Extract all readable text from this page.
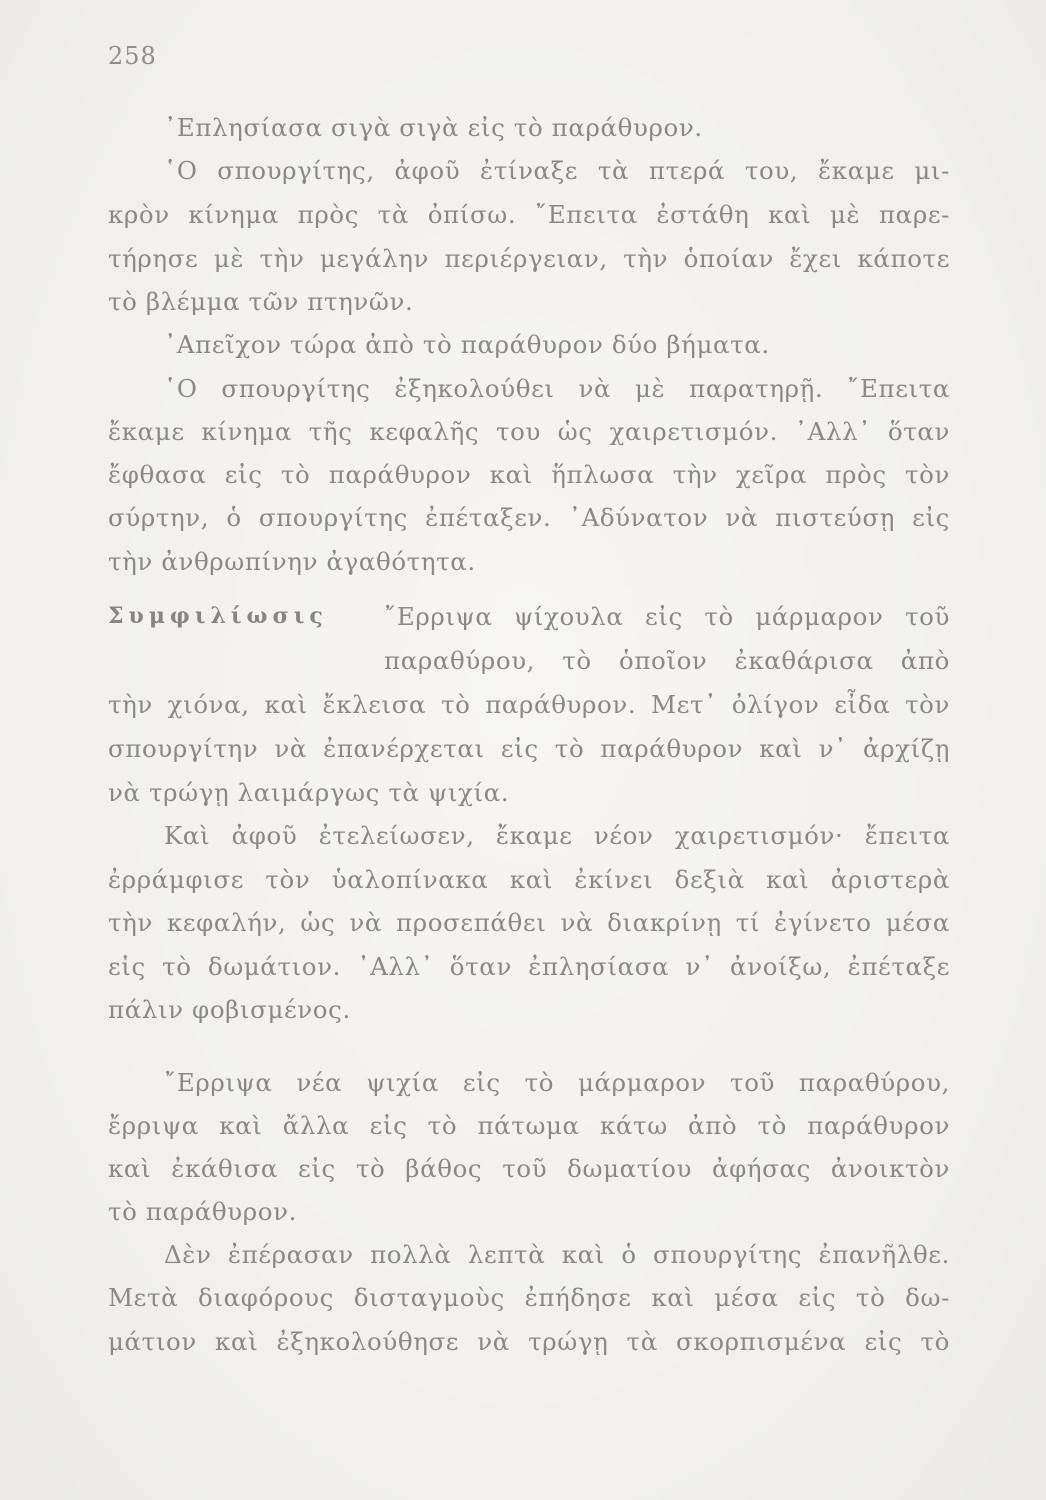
258
᾿Επλησίασα σιγὰ σιγὰ εἰς τὸ παράθυρον.
῾Ο σπουργίτης, ἀφοῦ ἐτίναξε τὰ πτερά του, ἔκαμε μι-
κρὸν κίνημα πρὸς τὰ ὀπίσω. ῎Επειτα ἐστάθη καὶ μὲ παρε-
τήρησε μὲ τὴν μεγάλην περιέργειαν, τὴν ὁποίαν ἔχει κάποτε
τὸ βλέμμα τῶν πτηνῶν.
᾿Απεῖχον τώρα ἀπὸ τὸ παράθυρον δύο βήματα.
῾Ο σπουργίτης ἐξηκολούθει νὰ μὲ παρατηρῇ. ῎Επειτα
ἔκαμε κίνημα τῆς κεφαλῆς του ὡς χαιρετισμόν. ᾿Αλλ᾿ ὅταν
ἔφθασα εἰς τὸ παράθυρον καὶ ἥπλωσα τὴν χεῖρα πρὸς τὸν
σύρτην, ὁ σπουργίτης ἐπέταξεν. ᾿Αδύνατον νὰ πιστεύσῃ εἰς
τὴν ἀνθρωπίνην ἀγαθότητα.
Συμφιλίωσις ῎Ερριψα ψίχουλα εἰς τὸ μάρμαρον τοῦ
παραθύρου, τὸ ὁποῖον ἐκαθάρισα ἀπὸ
τὴν χιόνα, καὶ ἔκλεισα τὸ παράθυρον. Μετ᾿ ὀλίγον εἶδα τὸν
σπουργίτην νὰ ἐπανέρχεται εἰς τὸ παράθυρον καὶ ν᾿ ἀρχίζῃ
νὰ τρώγῃ λαιμάργως τὰ ψιχία.
Καὶ ἀφοῦ ἐτελείωσεν, ἔκαμε νέον χαιρετισμόν· ἔπειτα
ἐρράμφισε τὸν ὑαλοπίνακα καὶ ἐκίνει δεξιὰ καὶ ἀριστερὰ
τὴν κεφαλήν, ὡς νὰ προσεπάθει νὰ διακρίνῃ τί ἐγίνετο μέσα
εἰς τὸ δωμάτιον. ᾿Αλλ᾿ ὅταν ἐπλησίασα ν᾿ ἀνοίξω, ἐπέταξε
πάλιν φοβισμένος.
῎Ερριψα νέα ψιχία εἰς τὸ μάρμαρον τοῦ παραθύρου,
ἔρριψα καὶ ἄλλα εἰς τὸ πάτωμα κάτω ἀπὸ τὸ παράθυρον
καὶ ἐκάθισα εἰς τὸ βάθος τοῦ δωματίου ἀφήσας ἀνοικτὸν
τὸ παράθυρον.
Δὲν ἐπέρασαν πολλὰ λεπτὰ καὶ ὁ σπουργίτης ἐπανῆλθε.
Μετὰ διαφόρους δισταγμοὺς ἐπήδησε καὶ μέσα εἰς τὸ δω-
μάτιον καὶ ἐξηκολούθησε νὰ τρώγῃ τὰ σκορπισμένα εἰς τὸ
